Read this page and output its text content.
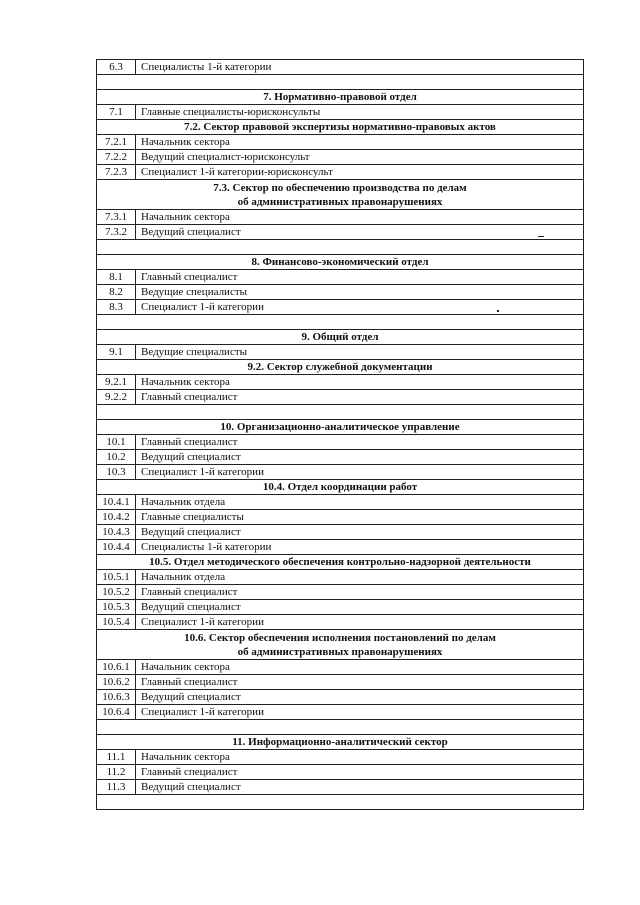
6.3	Специалисты 1-й категории

7. Нормативно-правовой отдел	
7.1	Главные специалисты-юрисконсульты
7.2. Сектор правовой экспертизы нормативно-правовых актов	
7.2.1	Начальник сектора
7.2.2	Ведущий специалист-юрисконсульт
7.2.3	Специалист 1-й категории-юрисконсульт

7.3. Сектор по обеспечению производства по делам
об административных правонарушениях	

7.3.1	Начальник сектора
7.3.2	Ведущий специалист

8. Финансово-экономический отдел	
8.1	Главный специалист
8.2	Ведущие специалисты
8.3	Специалист 1-й категории

9. Общий отдел	
9.1	Ведущие специалисты
9.2. Сектор служебной документации	
9.2.1	Начальник сектора
9.2.2	Главный специалист

10. Организационно-аналитическое управление	
10.1	Главный специалист
10.2	Ведущий специалист
10.3	Специалист 1-й категории
10.4. Отдел координации работ	
10.4.1	Начальник отдела
10.4.2	Главные специалисты
10.4.3	Ведущий специалист
10.4.4	Специалисты 1-й категории
10.5. Отдел методического обеспечения контрольно-надзорной деятельности	
10.5.1	Начальник отдела
10.5.2	Главный специалист
10.5.3	Ведущий специалист
10.5.4	Специалист 1-й категории

10.6. Сектор обеспечения исполнения постановлений по делам
об административных правонарушениях	

10.6.1	Начальник сектора
10.6.2	Главный специалист
10.6.3	Ведущий специалист
10.6.4	Специалист 1-й категории

11. Информационно-аналитический сектор	
11.1	Начальник сектора
11.2	Главный специалист
11.3	Ведущий специалист
